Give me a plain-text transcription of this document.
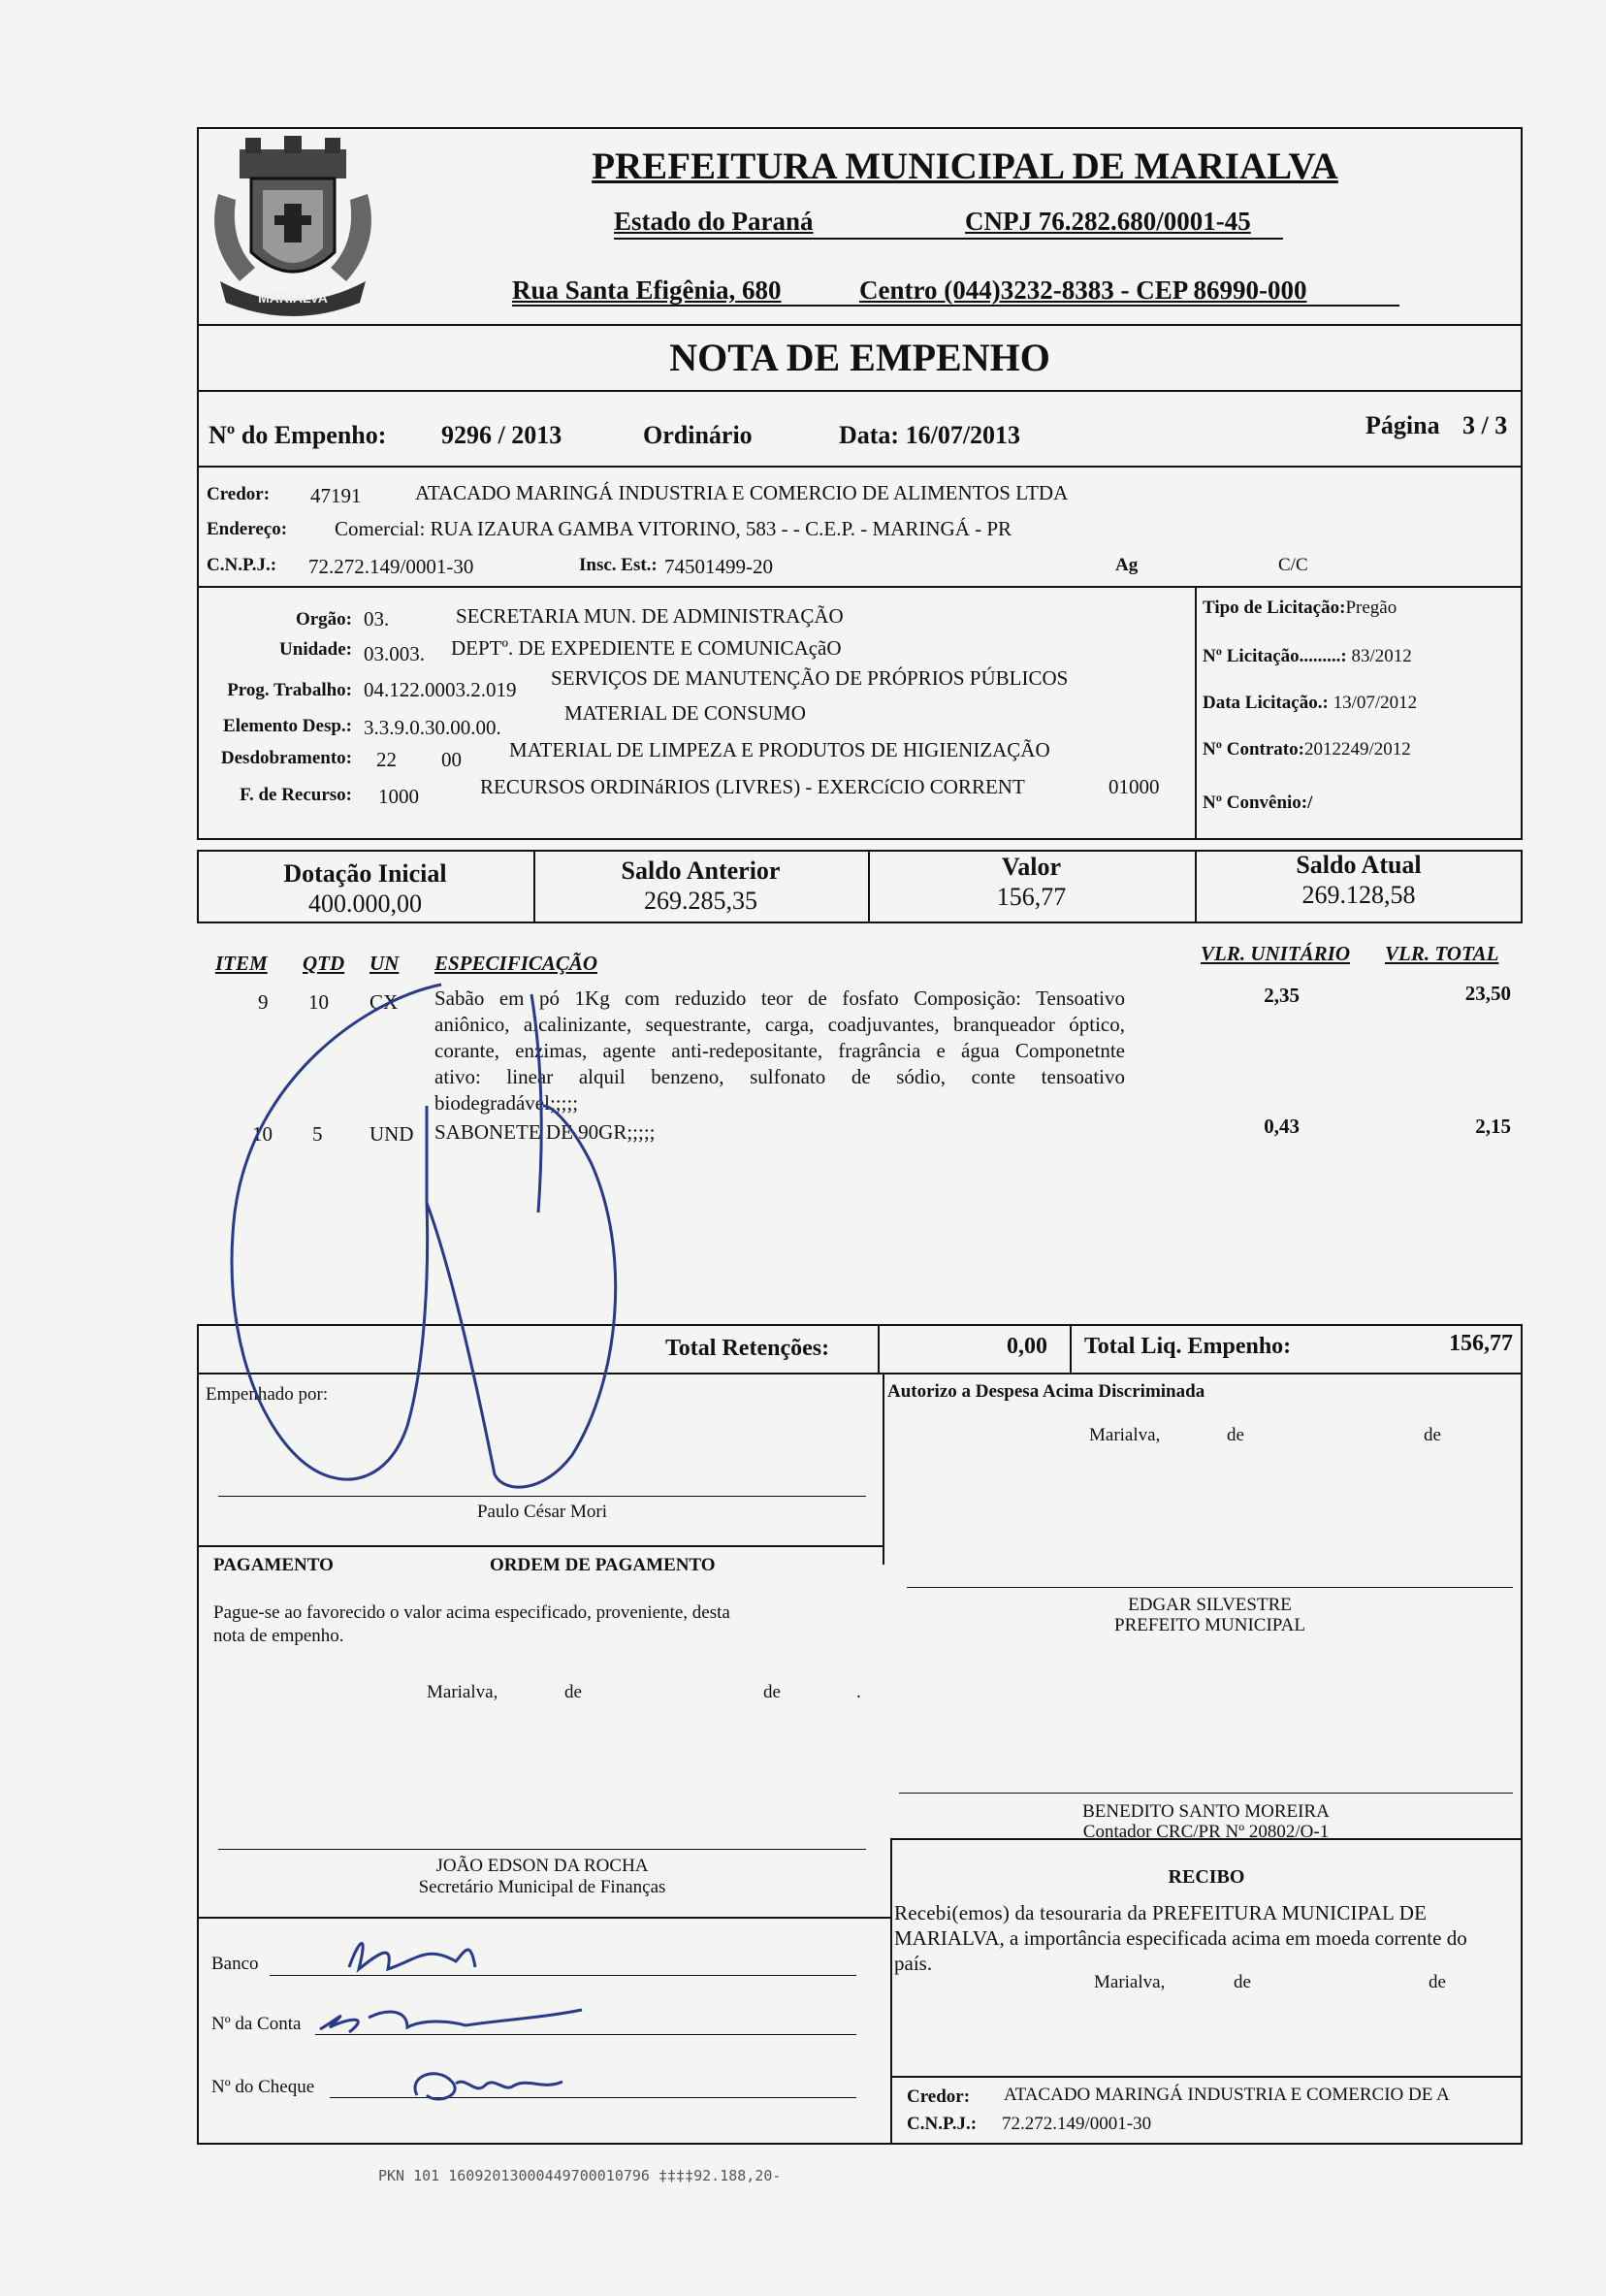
MARIALVA
PREFEITURA MUNICIPAL DE MARIALVA
Estado do Paraná	CNPJ 76.282.680/0001-45
Rua Santa Efigênia, 680	Centro (044)3232-8383 - CEP 86990-000
NOTA DE EMPENHO
Nº do Empenho: 9296 / 2013	Ordinário	Data: 16/07/2013	Página 3 / 3
Credor: 47191	ATACADO MARINGÁ INDUSTRIA E COMERCIO DE ALIMENTOS LTDA
Endereço: Comercial: RUA IZAURA GAMBA VITORINO, 583 - - C.E.P. - MARINGÁ - PR
C.N.P.J.: 72.272.149/0001-30	Insc. Est.: 74501499-20	Ag	C/C
Orgão: 03.	SECRETARIA MUN. DE ADMINISTRAÇÃO
Unidade: 03.003. DEPTº. DE EXPEDIENTE E COMUNICAçãO
Prog. Trabalho: 04.122.0003.2.019 SERVIÇOS DE MANUTENÇÃO DE PRÓPRIOS PÚBLICOS
Elemento Desp.: 3.3.9.0.30.00.00.
MATERIAL DE CONSUMO
Desdobramento: 22 00 MATERIAL DE LIMPEZA E PRODUTOS DE HIGIENIZAÇÃO
F. de Recurso: 1000	RECURSOS ORDINáRIOS (LIVRES) - EXERCíCIO CORRENT	01000
Tipo de Licitação:Pregão
Nº Licitação.........: 83/2012
Data Licitação.: 13/07/2012
Nº Contrato:2012249/2012
Nº Convênio:/
Dotação Inicial
400.000,00
Saldo Anterior
269.285,35
Valor
156,77
Saldo Atual
269.128,58
ITEM QTD UN ESPECIFICAÇÃO	VLR. UNITÁRIO VLR. TOTAL
9 10 CX Sabão em pó 1Kg com reduzido teor de fosfato Composição: Tensoativo
aniônico, alcalinizante, sequestrante, carga, coadjuvantes, branqueador óptico,
corante, enzimas, agente anti-redepositante, fragrância e água Componetnte
ativo: linear alquil benzeno, sulfonato de sódio, conte tensoativo
biodegradável;;;;;
2,35	23,50
10 5 UND SABONETE DE 90GR;;;;;	0,43	2,15
Total Retenções:	0,00 Total Liq. Empenho:	156,77
Empenhado por:
Paulo César Mori
Autorizo a Despesa Acima Discriminada
Marialva,	de	de
EDGAR SILVESTRE
PREFEITO MUNICIPAL
PAGAMENTO	ORDEM DE PAGAMENTO
Pague-se ao favorecido o valor acima especificado, proveniente, desta
nota de empenho.
Marialva,	de	de	.
BENEDITO SANTO MOREIRA
Contador CRC/PR Nº 20802/O-1
JOÃO EDSON DA ROCHA
Secretário Municipal de Finanças	RECIBO
Recebi(emos) da tesouraria da PREFEITURA MUNICIPAL DE
MARIALVA, a importância especificada acima em moeda corrente do
país.
Marialva,	de	de
Credor: ATACADO MARINGÁ INDUSTRIA E COMERCIO DE A
C.N.P.J.: 72.272.149/0001-30
Banco
Nº da Conta
Nº do Cheque
PKN 101 16092013000449700010796 ‡‡‡‡92.188,20-
